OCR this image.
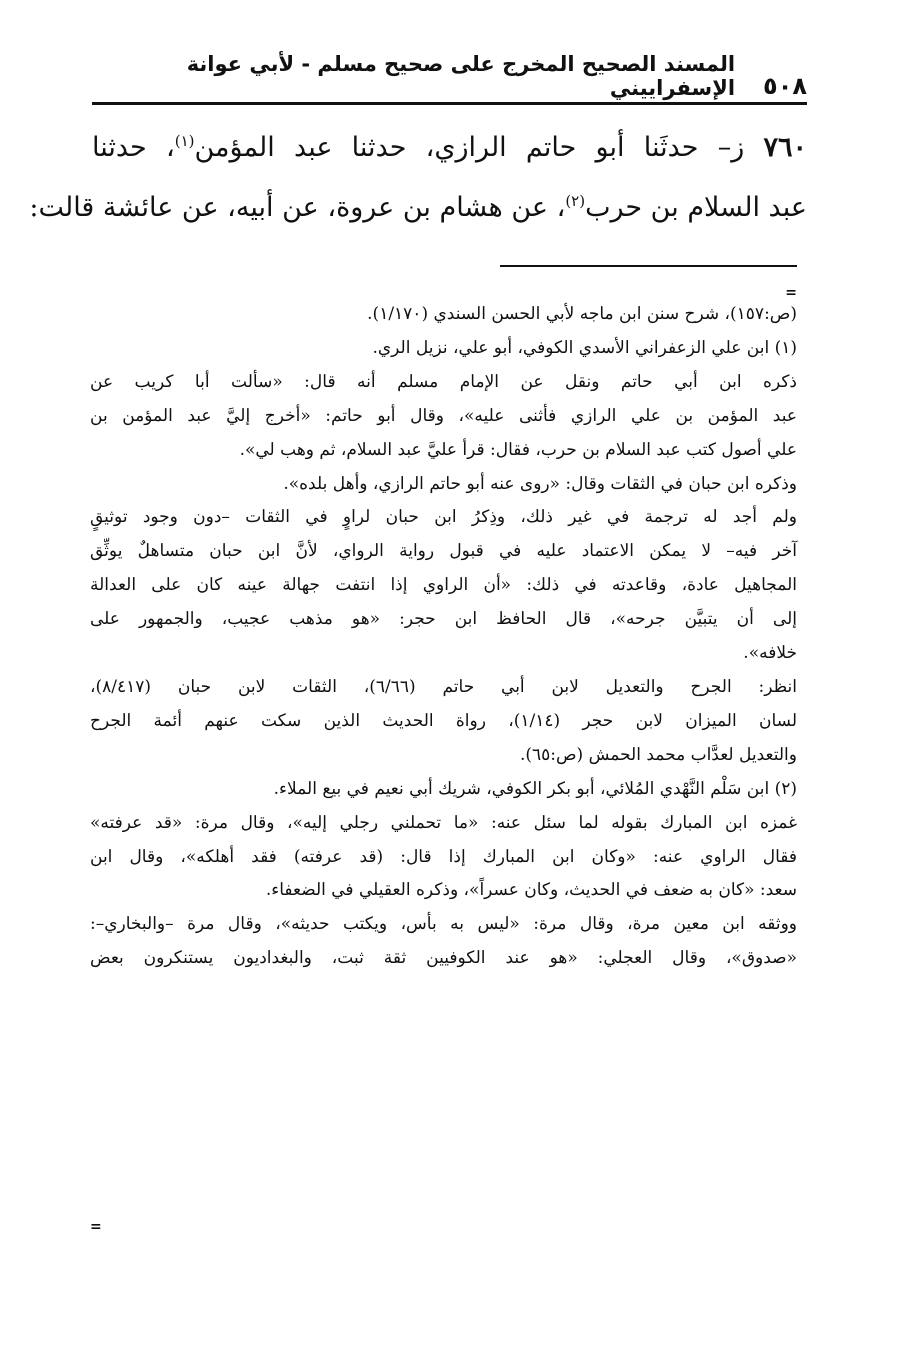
٥٠٨
المسند الصحيح المخرج على صحيح مسلم - لأبي عوانة الإسفراييني
٧٦٠ ز– حدثَنا أبو حاتم الرازي، حدثنا عبد المؤمن$^{(١)}$، حدثنا
عبد السلام بن حرب$^{(٢)}$، عن هشام بن عروة، عن أبيه، عن عائشة قالت:
=
(ص:١٥٧)، شرح سنن ابن ماجه لأبي الحسن السندي (١/١٧٠).
(١) ابن علي الزعفراني الأسدي الكوفي، أبو علي، نزيل الري.
ذكره ابن أبي حاتم ونقل عن الإمام مسلم أنه قال: «سألت أبا كريب عن
عبد المؤمن بن علي الرازي فأثنى عليه»، وقال أبو حاتم: «أخرج إليَّ عبد المؤمن بن
علي أصول كتب عبد السلام بن حرب، فقال: قرأ عليَّ عبد السلام، ثم وهب لي».
وذكره ابن حبان في الثقات وقال: «روى عنه أبو حاتم الرازي، وأهل بلده».
ولم أجد له ترجمة في غير ذلك، وذِكرُ ابن حبان لراوٍ في الثقات –دون وجود توثيقٍ
آخر فيه– لا يمكن الاعتماد عليه في قبول رواية الرواي، لأنَّ ابن حبان متساهلٌ يوثِّق
المجاهيل عادة، وقاعدته في ذلك: «أن الراوي إذا انتفت جهالة عينه كان على العدالة
إلى أن يتبيَّن جرحه»، قال الحافظ ابن حجر: «هو مذهب عجيب، والجمهور على
خلافه».
انظر: الجرح والتعديل لابن أبي حاتم (٦/٦٦)، الثقات لابن حبان (٨/٤١٧)،
لسان الميزان لابن حجر (١/١٤)، رواة الحديث الذين سكت عنهم أئمة الجرح
والتعديل لعدَّاب محمد الحمش (ص:٦٥).
(٢) ابن سَلْم النَّهْدي المُلائي، أبو بكر الكوفي، شريك أبي نعيم في بيع الملاء.
غمزه ابن المبارك بقوله لما سئل عنه: «ما تحملني رجلي إليه»، وقال مرة: «قد عرفته»
فقال الراوي عنه: «وكان ابن المبارك إذا قال: (قد عرفته) فقد أهلكه»، وقال ابن
سعد: «كان به ضعف في الحديث، وكان عسراً»، وذكره العقيلي في الضعفاء.
ووثقه ابن معين مرة، وقال مرة: «ليس به بأس، ويكتب حديثه»، وقال مرة –والبخاري–:
«صدوق»، وقال العجلي: «هو عند الكوفيين ثقة ثبت، والبغداديون يستنكرون بعض
=
